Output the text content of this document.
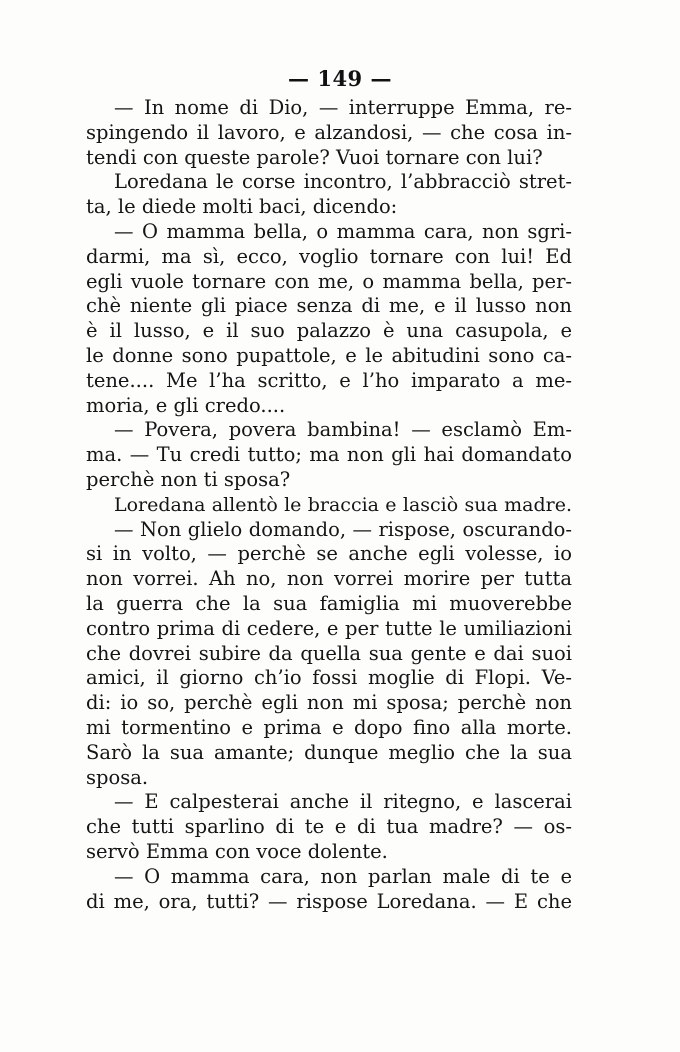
— 149 —
— In nome di Dio, — interruppe Emma, re-
spingendo il lavoro, e alzandosi, — che cosa in-
tendi con queste parole? Vuoi tornare con lui?
Loredana le corse incontro, l’abbracciò stret-
ta, le diede molti baci, dicendo:
— O mamma bella, o mamma cara, non sgri-
darmi, ma sì, ecco, voglio tornare con lui! Ed
egli vuole tornare con me, o mamma bella, per-
chè niente gli piace senza di me, e il lusso non
è il lusso, e il suo palazzo è una casupola, e
le donne sono pupattole, e le abitudini sono ca-
tene.... Me l’ha scritto, e l’ho imparato a me-
moria, e gli credo....
— Povera, povera bambina! — esclamò Em-
ma. — Tu credi tutto; ma non gli hai domandato
perchè non ti sposa?
Loredana allentò le braccia e lasciò sua madre.
— Non glielo domando, — rispose, oscurando-
si in volto, — perchè se anche egli volesse, io
non vorrei. Ah no, non vorrei morire per tutta
la guerra che la sua famiglia mi muoverebbe
contro prima di cedere, e per tutte le umiliazioni
che dovrei subire da quella sua gente e dai suoi
amici, il giorno ch’io fossi moglie di Flopi. Ve-
di: io so, perchè egli non mi sposa; perchè non
mi tormentino e prima e dopo fino alla morte.
Sarò la sua amante; dunque meglio che la sua
sposa.
— E calpesterai anche il ritegno, e lascerai
che tutti sparlino di te e di tua madre? — os-
servò Emma con voce dolente.
— O mamma cara, non parlan male di te e
di me, ora, tutti? — rispose Loredana. — E che
